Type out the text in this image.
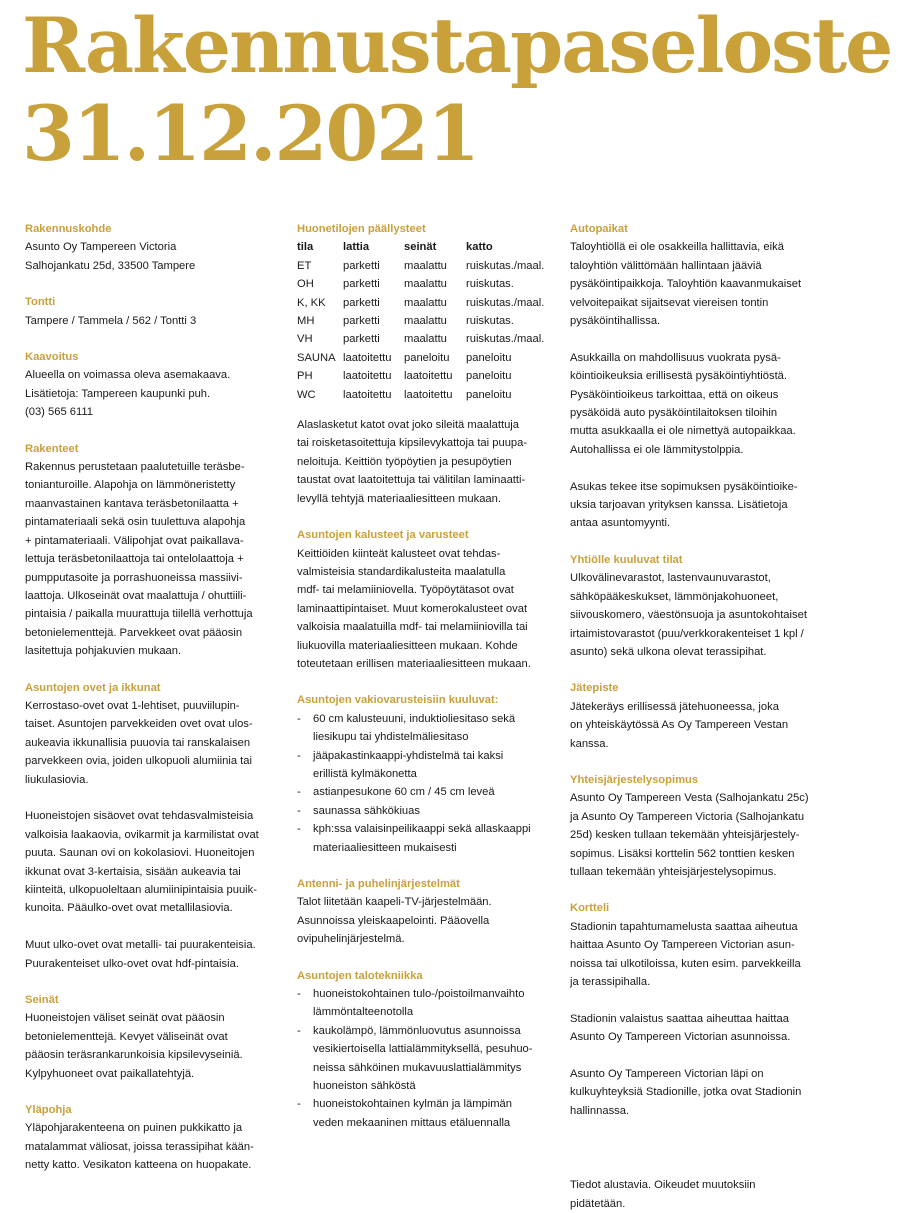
Rakennustapaseloste
31.12.2021

Rakennuskohde

Asunto Oy Tampereen Victoria
Salhojankatu 25d, 33500 Tampere

Tontti

Tampere / Tammela / 562 / Tontti 3

Kaavoitus

Alueella on voimassa oleva asemakaava.
Lisätietoja: Tampereen kaupunki puh.
(03) 565 6111

Rakenteet

Rakennus perustetaan paalutetuille teräsbe-
tonianturoille. Alapohja on lämmöneristetty
maanvastainen kantava teräsbetonilaatta +
pintamateriaali sekä osin tuulettuva alapohja
+ pintamateriaali. Välipohjat ovat paikallava-
lettuja teräsbetonilaattoja tai ontelolaattoja +
pumpputasoite ja porrashuoneissa massiivi-
laattoja. Ulkoseinät ovat maalattuja / ohuttiili-
pintaisia / paikalla muurattuja tiilellä verhottuja
betonielementtejä. Parvekkeet ovat pääosin
lasitettuja pohjakuvien mukaan.

Asuntojen ovet ja ikkunat

Kerrostaso-ovet ovat 1-lehtiset, puuviilupin-
taiset. Asuntojen parvekkeiden ovet ovat ulos-
aukeavia ikkunallisia puuovia tai ranskalaisen
parvekkeen ovia, joiden ulkopuoli alumiinia tai
liukulasiovia.

Huoneistojen sisäovet ovat tehdasvalmisteisia
valkoisia laakaovia, ovikarmit ja karmilistat ovat
puuta. Saunan ovi on kokolasiovi. Huoneitojen
ikkunat ovat 3-kertaisia, sisään aukeavia tai
kiinteitä, ulkopuoleltaan alumiinipintaisia puuik-
kunoita. Pääulko-ovet ovat metallilasiovia.

Muut ulko-ovet ovat metalli- tai puurakenteisia.
Puurakenteiset ulko-ovet ovat hdf-pintaisia.

Seinät

Huoneistojen väliset seinät ovat pääosin
betonielementtejä. Kevyet väliseinät ovat
pääosin teräsrankarunkoisia kipsilevyseiniä.
Kylpyhuoneet ovat paikallatehtyjä.

Yläpohja

Yläpohjarakenteena on puinen pukkikatto ja
matalammat väliosat, joissa terassipihat kään-
netty katto. Vesikaton katteena on huopakate.

Huonetilojen päällysteet

tila	lattia	seinät	katto
ET	parketti	maalattu	ruiskutas./maal.
OH	parketti	maalattu	ruiskutas.
K, KK	parketti	maalattu	ruiskutas./maal.
MH	parketti	maalattu	ruiskutas.
VH	parketti	maalattu	ruiskutas./maal.
SAUNA	laatoitettu	paneloitu	paneloitu
PH	laatoitettu	laatoitettu	paneloitu
WC	laatoitettu	laatoitettu	paneloitu

Alaslasketut katot ovat joko sileitä maalattuja
tai roisketasoitettuja kipsilevykattoja tai puupa-
neloituja. Keittiön työpöytien ja pesupöytien
taustat ovat laatoitettuja tai välitilan laminaatti-
levyllä tehtyjä materiaaliesitteen mukaan.

Asuntojen kalusteet ja varusteet

Keittiöiden kiinteät kalusteet ovat tehdas-
valmisteisia standardikalusteita maalatulla
mdf- tai melamiiniovella. Työpöytätasot ovat
laminaattipintaiset. Muut komerokalusteet ovat
valkoisia maalatuilla mdf- tai melamiiniovilla tai
liukuovilla materiaaliesitteen mukaan. Kohde
toteutetaan erillisen materiaaliesitteen mukaan.

Asuntojen vakiovarusteisiin kuuluvat:

- 60 cm kalusteuuni, induktioliesitaso sekä
liesikupu tai yhdistelmäliesitaso
- jääpakastinkaappi-yhdistelmä tai kaksi
erillistä kylmäkonetta
- astianpesukone 60 cm / 45 cm leveä
- saunassa sähkökiuas
- kph:ssa valaisinpeilikaappi sekä allaskaappi
materiaaliesitteen mukaisesti

Antenni- ja puhelinjärjestelmät

Talot liitetään kaapeli-TV-järjestelmään.
Asunnoissa yleiskaapelointi. Pääovella
ovipuhelinjärjestelmä.

Asuntojen talotekniikka

- huoneistokohtainen tulo-/poistoilmanvaihto
lämmöntalteenotolla
- kaukolämpö, lämmönluovutus asunnoissa
vesikiertoisella lattialämmityksellä, pesuhuo-
neissa sähköinen mukavuuslattialämmitys
huoneiston sähköstä
- huoneistokohtainen kylmän ja lämpimän
veden mekaaninen mittaus etäluennalla

Autopaikat

Taloyhtiöllä ei ole osakkeilla hallittavia, eikä
taloyhtiön välittömään hallintaan jääviä
pysäköintipaikkoja. Taloyhtiön kaavanmukaiset
velvoitepaikat sijaitsevat viereisen tontin
pysäköintihallissa.

Asukkailla on mahdollisuus vuokrata pysä-
köintioikeuksia erillisestä pysäköintiyhtiöstä.
Pysäköintioikeus tarkoittaa, että on oikeus
pysäköidä auto pysäköintilaitoksen tiloihin
mutta asukkaalla ei ole nimettyä autopaikkaa.
Autohallissa ei ole lämmitystolppia.

Asukas tekee itse sopimuksen pysäköintioike-
uksia tarjoavan yrityksen kanssa. Lisätietoja
antaa asuntomyynti.

Yhtiölle kuuluvat tilat

Ulkovälinevarastot, lastenvaunuvarastot,
sähköpääkeskukset, lämmönjakohuoneet,
siivouskomero, väestönsuoja ja asuntokohtaiset
irtaimistovarastot (puu/verkkorakenteiset 1 kpl /
asunto) sekä ulkona olevat terassipihat.

Jätepiste

Jätekeräys erillisessä jätehuoneessa, joka
on yhteiskäytössä As Oy Tampereen Vestan
kanssa.

Yhteisjärjestelysopimus

Asunto Oy Tampereen Vesta (Salhojankatu 25c)
ja Asunto Oy Tampereen Victoria (Salhojankatu
25d) kesken tullaan tekemään yhteisjärjestely-
sopimus. Lisäksi korttelin 562 tonttien kesken
tullaan tekemään yhteisjärjestelysopimus.

Kortteli

Stadionin tapahtumamelusta saattaa aiheutua
haittaa Asunto Oy Tampereen Victorian asun-
noissa tai ulkotiloissa, kuten esim. parvekkeilla
ja terassipihalla.

Stadionin valaistus saattaa aiheuttaa haittaa
Asunto Oy Tampereen Victorian asunnoissa.

Asunto Oy Tampereen Victorian läpi on
kulkuyhteyksiä Stadionille, jotka ovat Stadionin
hallinnassa.

Tiedot alustavia. Oikeudet muutoksiin
pidätetään.
